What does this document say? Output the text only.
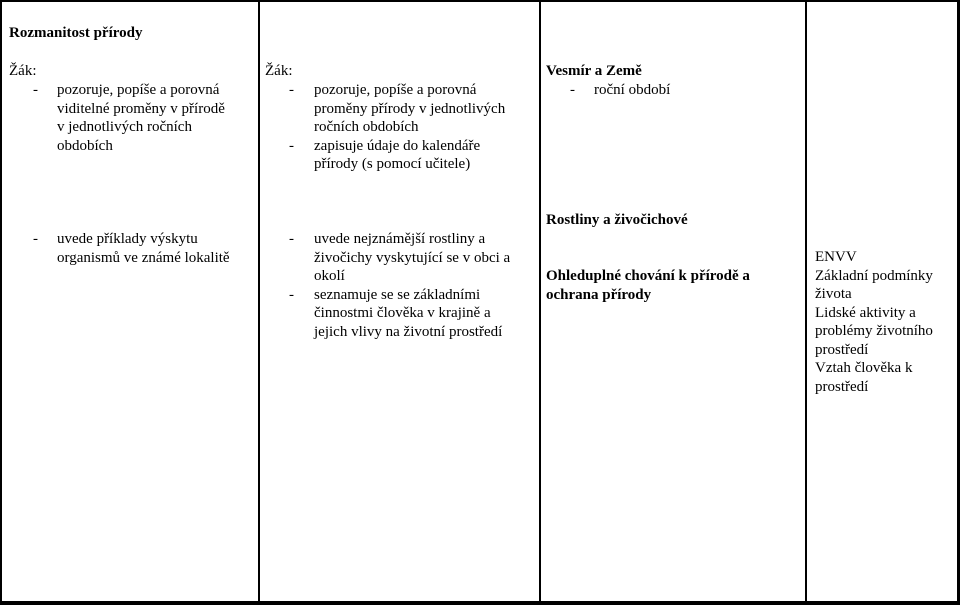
Rozmanitost přírody
Žák:
- pozoruje, popíše a porovná
viditelné proměny v přírodě
v jednotlivých ročních
obdobích
Žák:
- pozoruje, popíše a porovná
proměny přírody v jednotlivých
ročních obdobích
- zapisuje údaje do kalendáře
přírody (s pomocí učitele)
Vesmír a Země
- roční období
- uvede příklady výskytu
organismů ve známé lokalitě
- uvede nejznámější rostliny a
živočichy vyskytující se v obci a
okolí
- seznamuje se se základními
činnostmi člověka v krajině a
jejich vlivy na životní prostředí
Rostliny a živočichové
Ohleduplné chování k přírodě a
ochrana přírody
ENVV
Základní podmínky
života
Lidské aktivity a
problémy životního
prostředí
Vztah člověka k
prostředí
